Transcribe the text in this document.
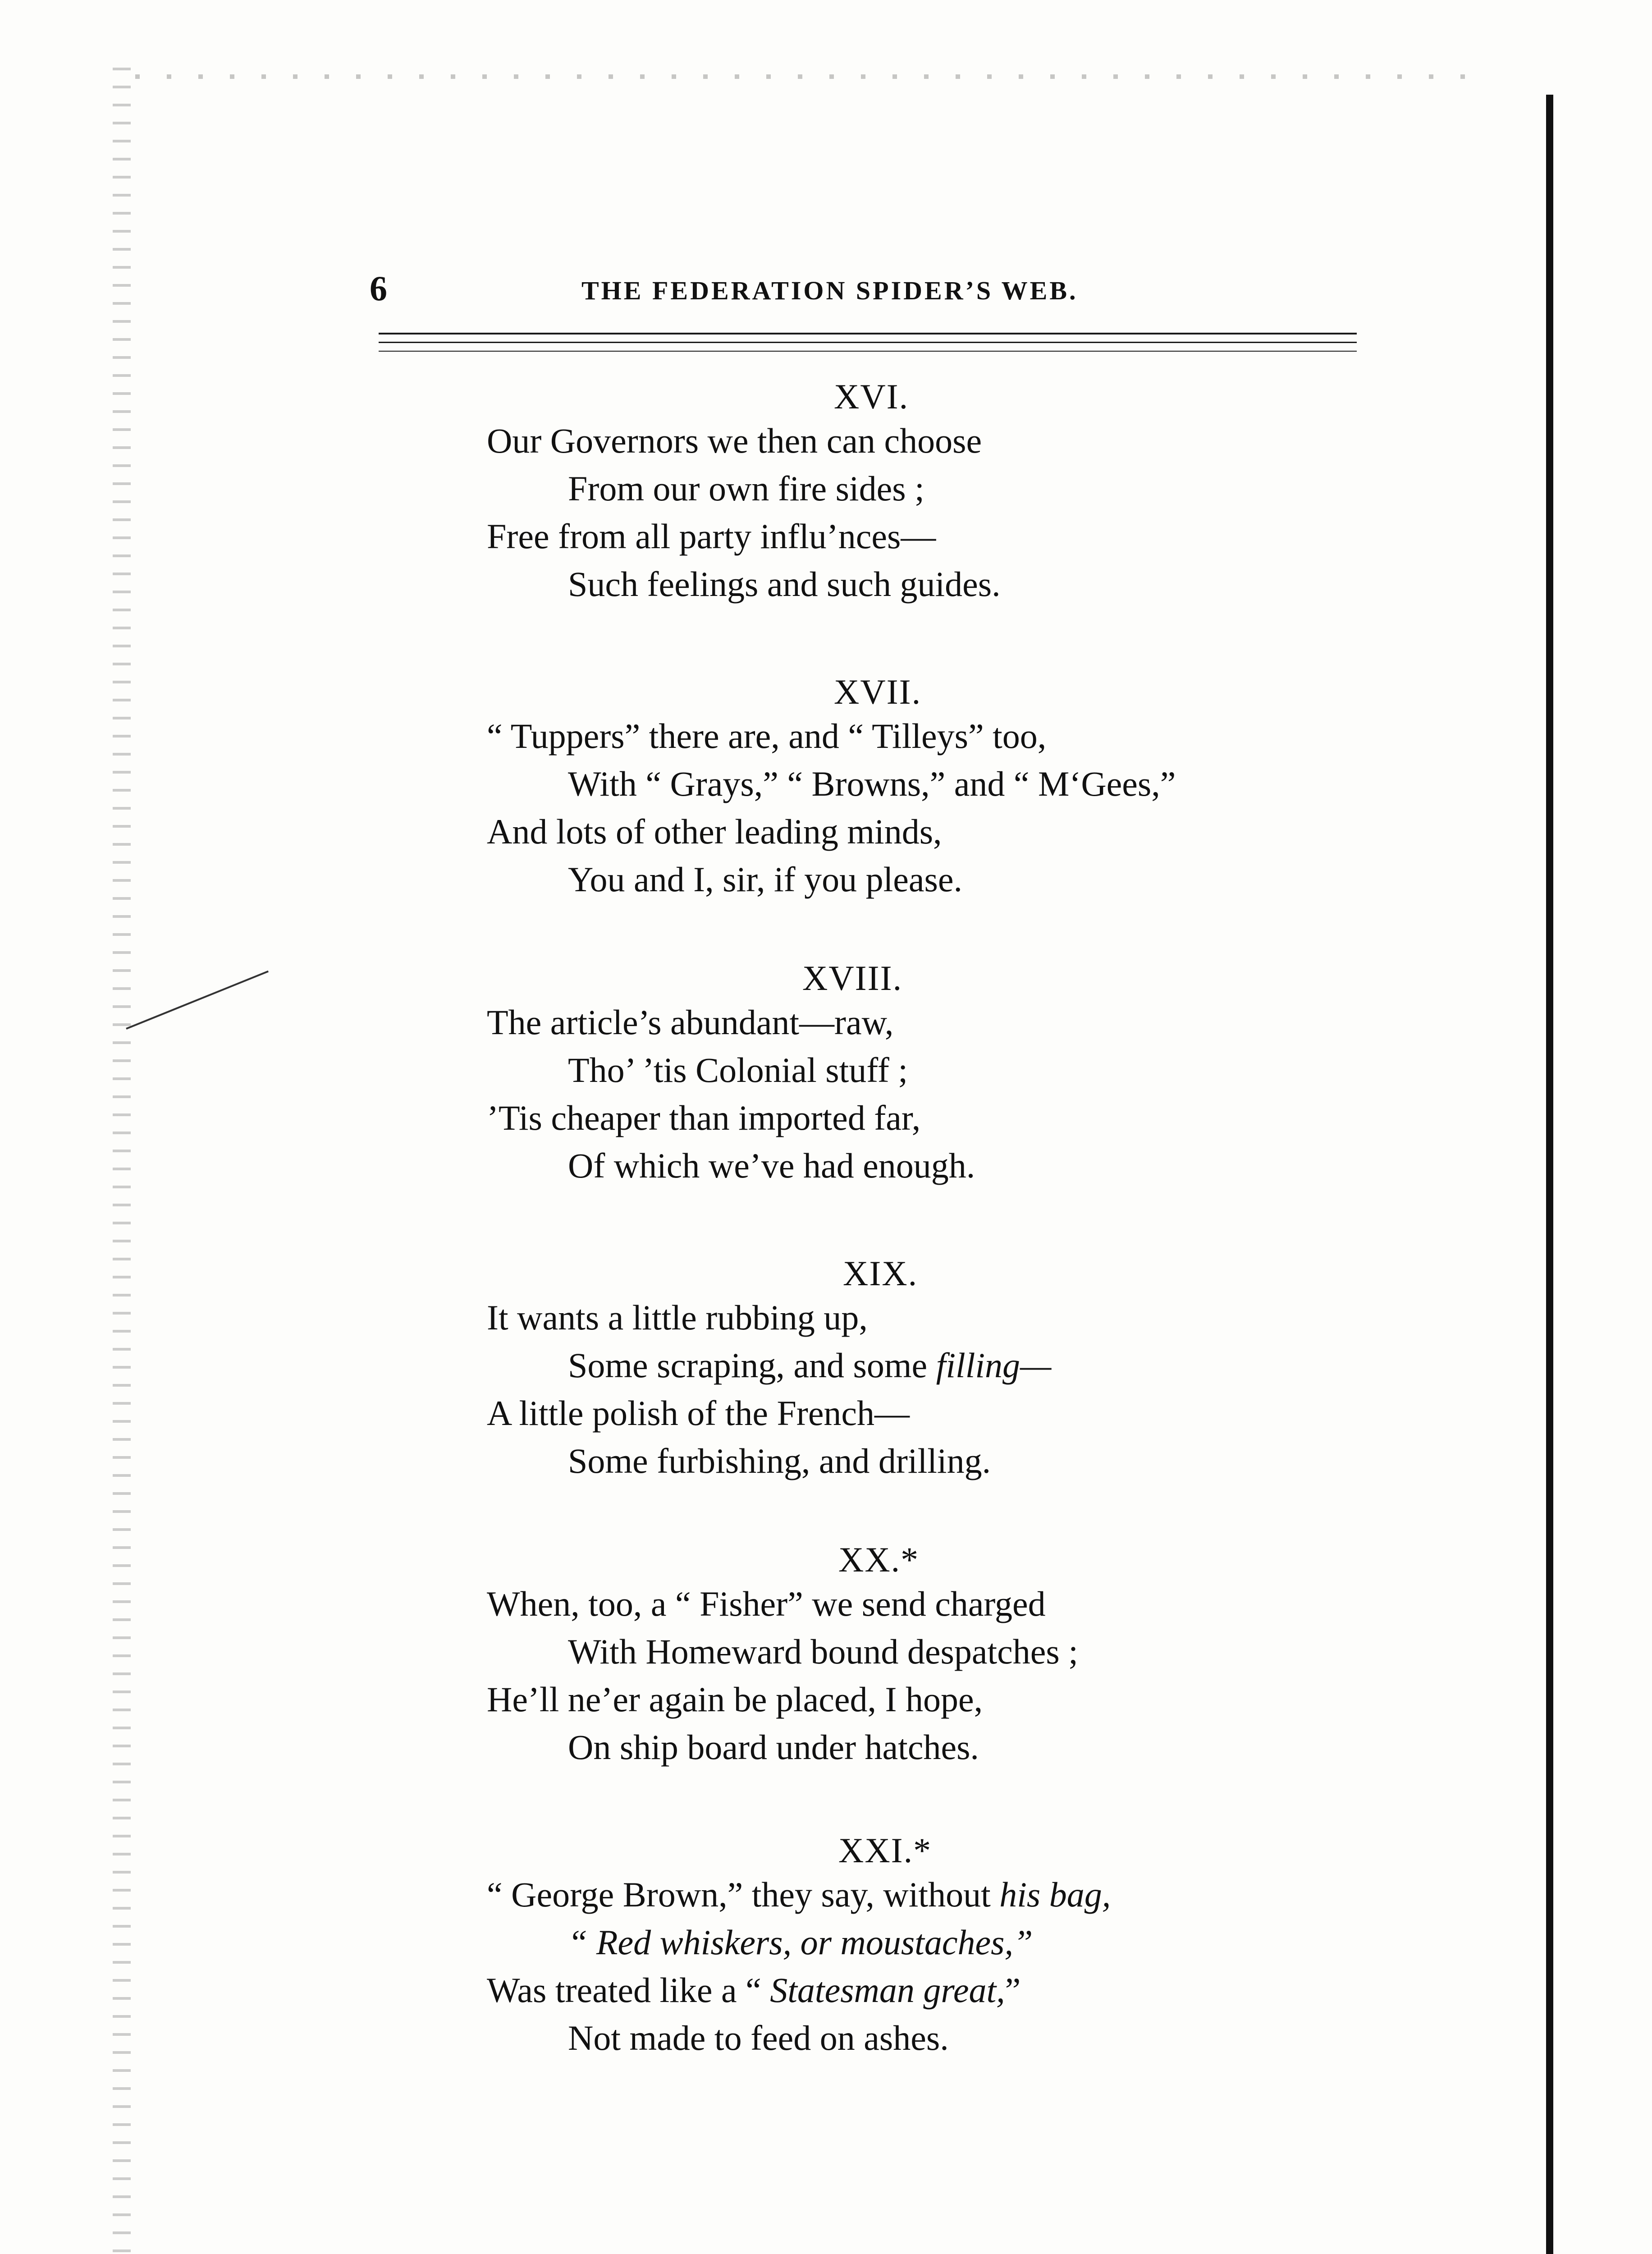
6	THE FEDERATION SPIDER’S WEB.
XVI.
Our Governors we then can choose
From our own fire sides ;
Free from all party influ’nces—
Such feelings and such guides.
XVII.
“ Tuppers” there are, and “ Tilleys” too,
With “ Grays,” “ Browns,” and “ M‘Gees,”
And lots of other leading minds,
You and I, sir, if you please.
XVIII.
The article’s abundant—raw,
Tho’ ’tis Colonial stuff ;
’Tis cheaper than imported far,
Of which we’ve had enough.
XIX.
It wants a little rubbing up,
Some scraping, and some filling—
A little polish of the French—
Some furbishing, and drilling.
XX.*
When, too, a “ Fisher” we send charged
With Homeward bound despatches ;
He’ll ne’er again be placed, I hope,
On ship board under hatches.
XXI.*
“ George Brown,” they say, without his bag,
“ Red whiskers, or moustaches,”
Was treated like a “ Statesman great,”
Not made to feed on ashes.
